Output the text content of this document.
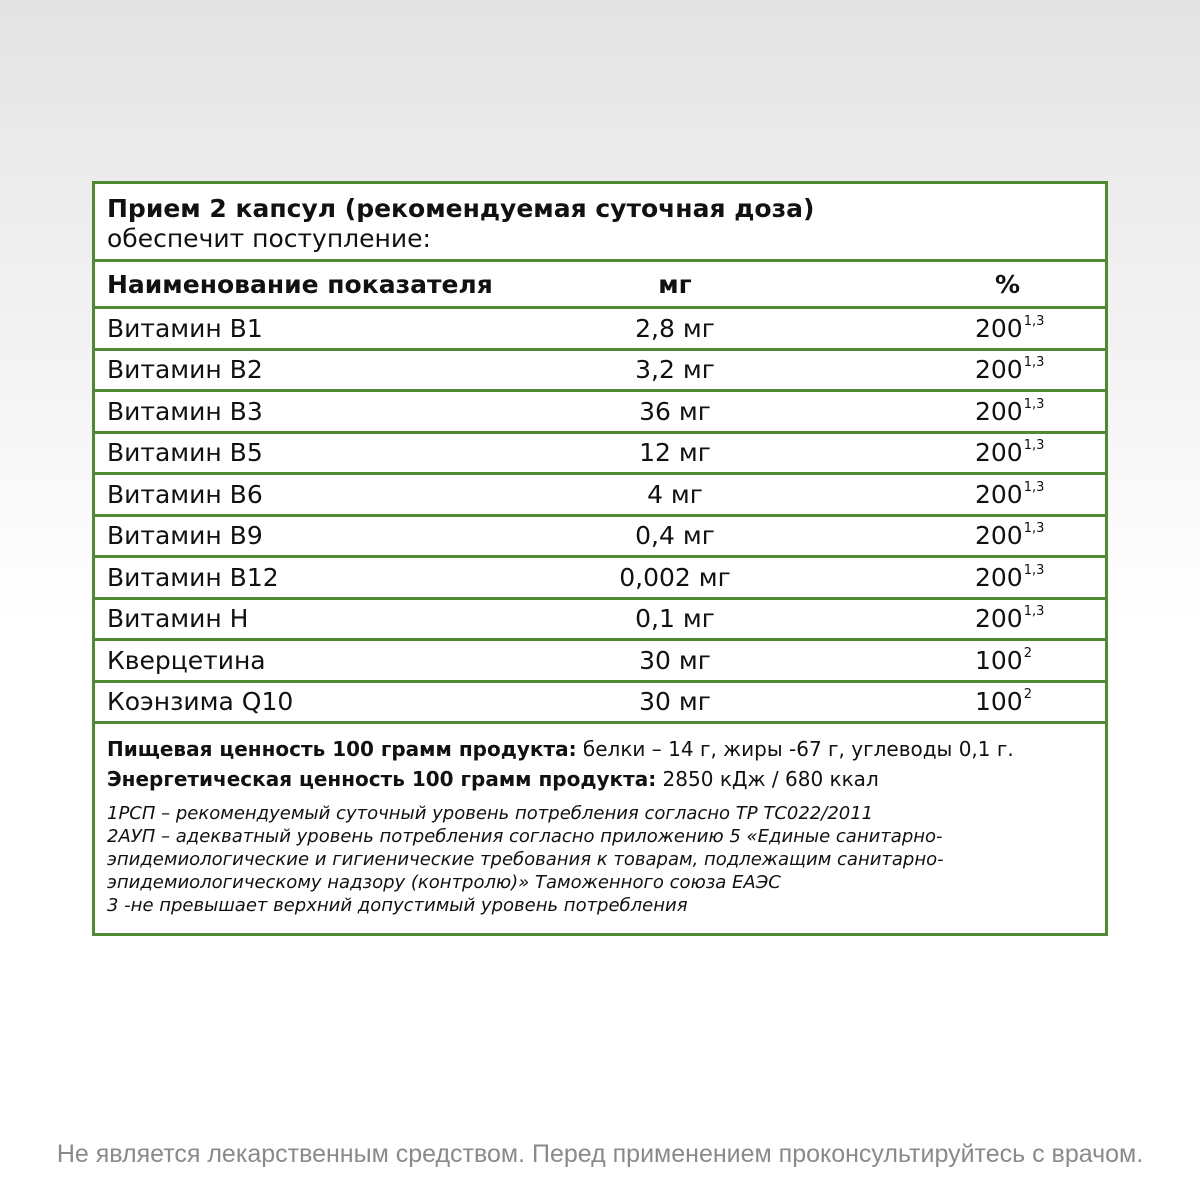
Прием 2 капсул (рекомендуемая суточная доза)
обеспечит поступление:
Наименование показателя	мг	%
Витамин B1	2,8 мг	200$^{1,3}$
Витамин B2	3,2 мг	200$^{1,3}$
Витамин B3	36 мг	200$^{1,3}$
Витамин B5	12 мг	200$^{1,3}$
Витамин B6	4 мг	200$^{1,3}$
Витамин B9	0,4 мг	200$^{1,3}$
Витамин B12	0,002 мг	200$^{1,3}$
Витамин H	0,1 мг	200$^{1,3}$
Кверцетина	30 мг	$100^2$
Коэнзима Q10	30 мг	$100^2$
Пищевая ценность 100 грамм продукта: белки – 14 г, жиры -67 г, углеводы 0,1 г.
Энергетическая ценность 100 грамм продукта: 2850 кДж / 680 ккал
1РСП – рекомендуемый суточный уровень потребления согласно ТР ТС022/2011
2АУП – адекватный уровень потребления согласно приложению 5 «Единые санитарно-
эпидемиологические и гигиенические требования к товарам, подлежащим санитарно-
эпидемиологическому надзору (контролю)» Таможенного союза ЕАЭС
3 -не превышает верхний допустимый уровень потребления
Не является лекарственным средством. Перед применением проконсультируйтесь с врачом.
